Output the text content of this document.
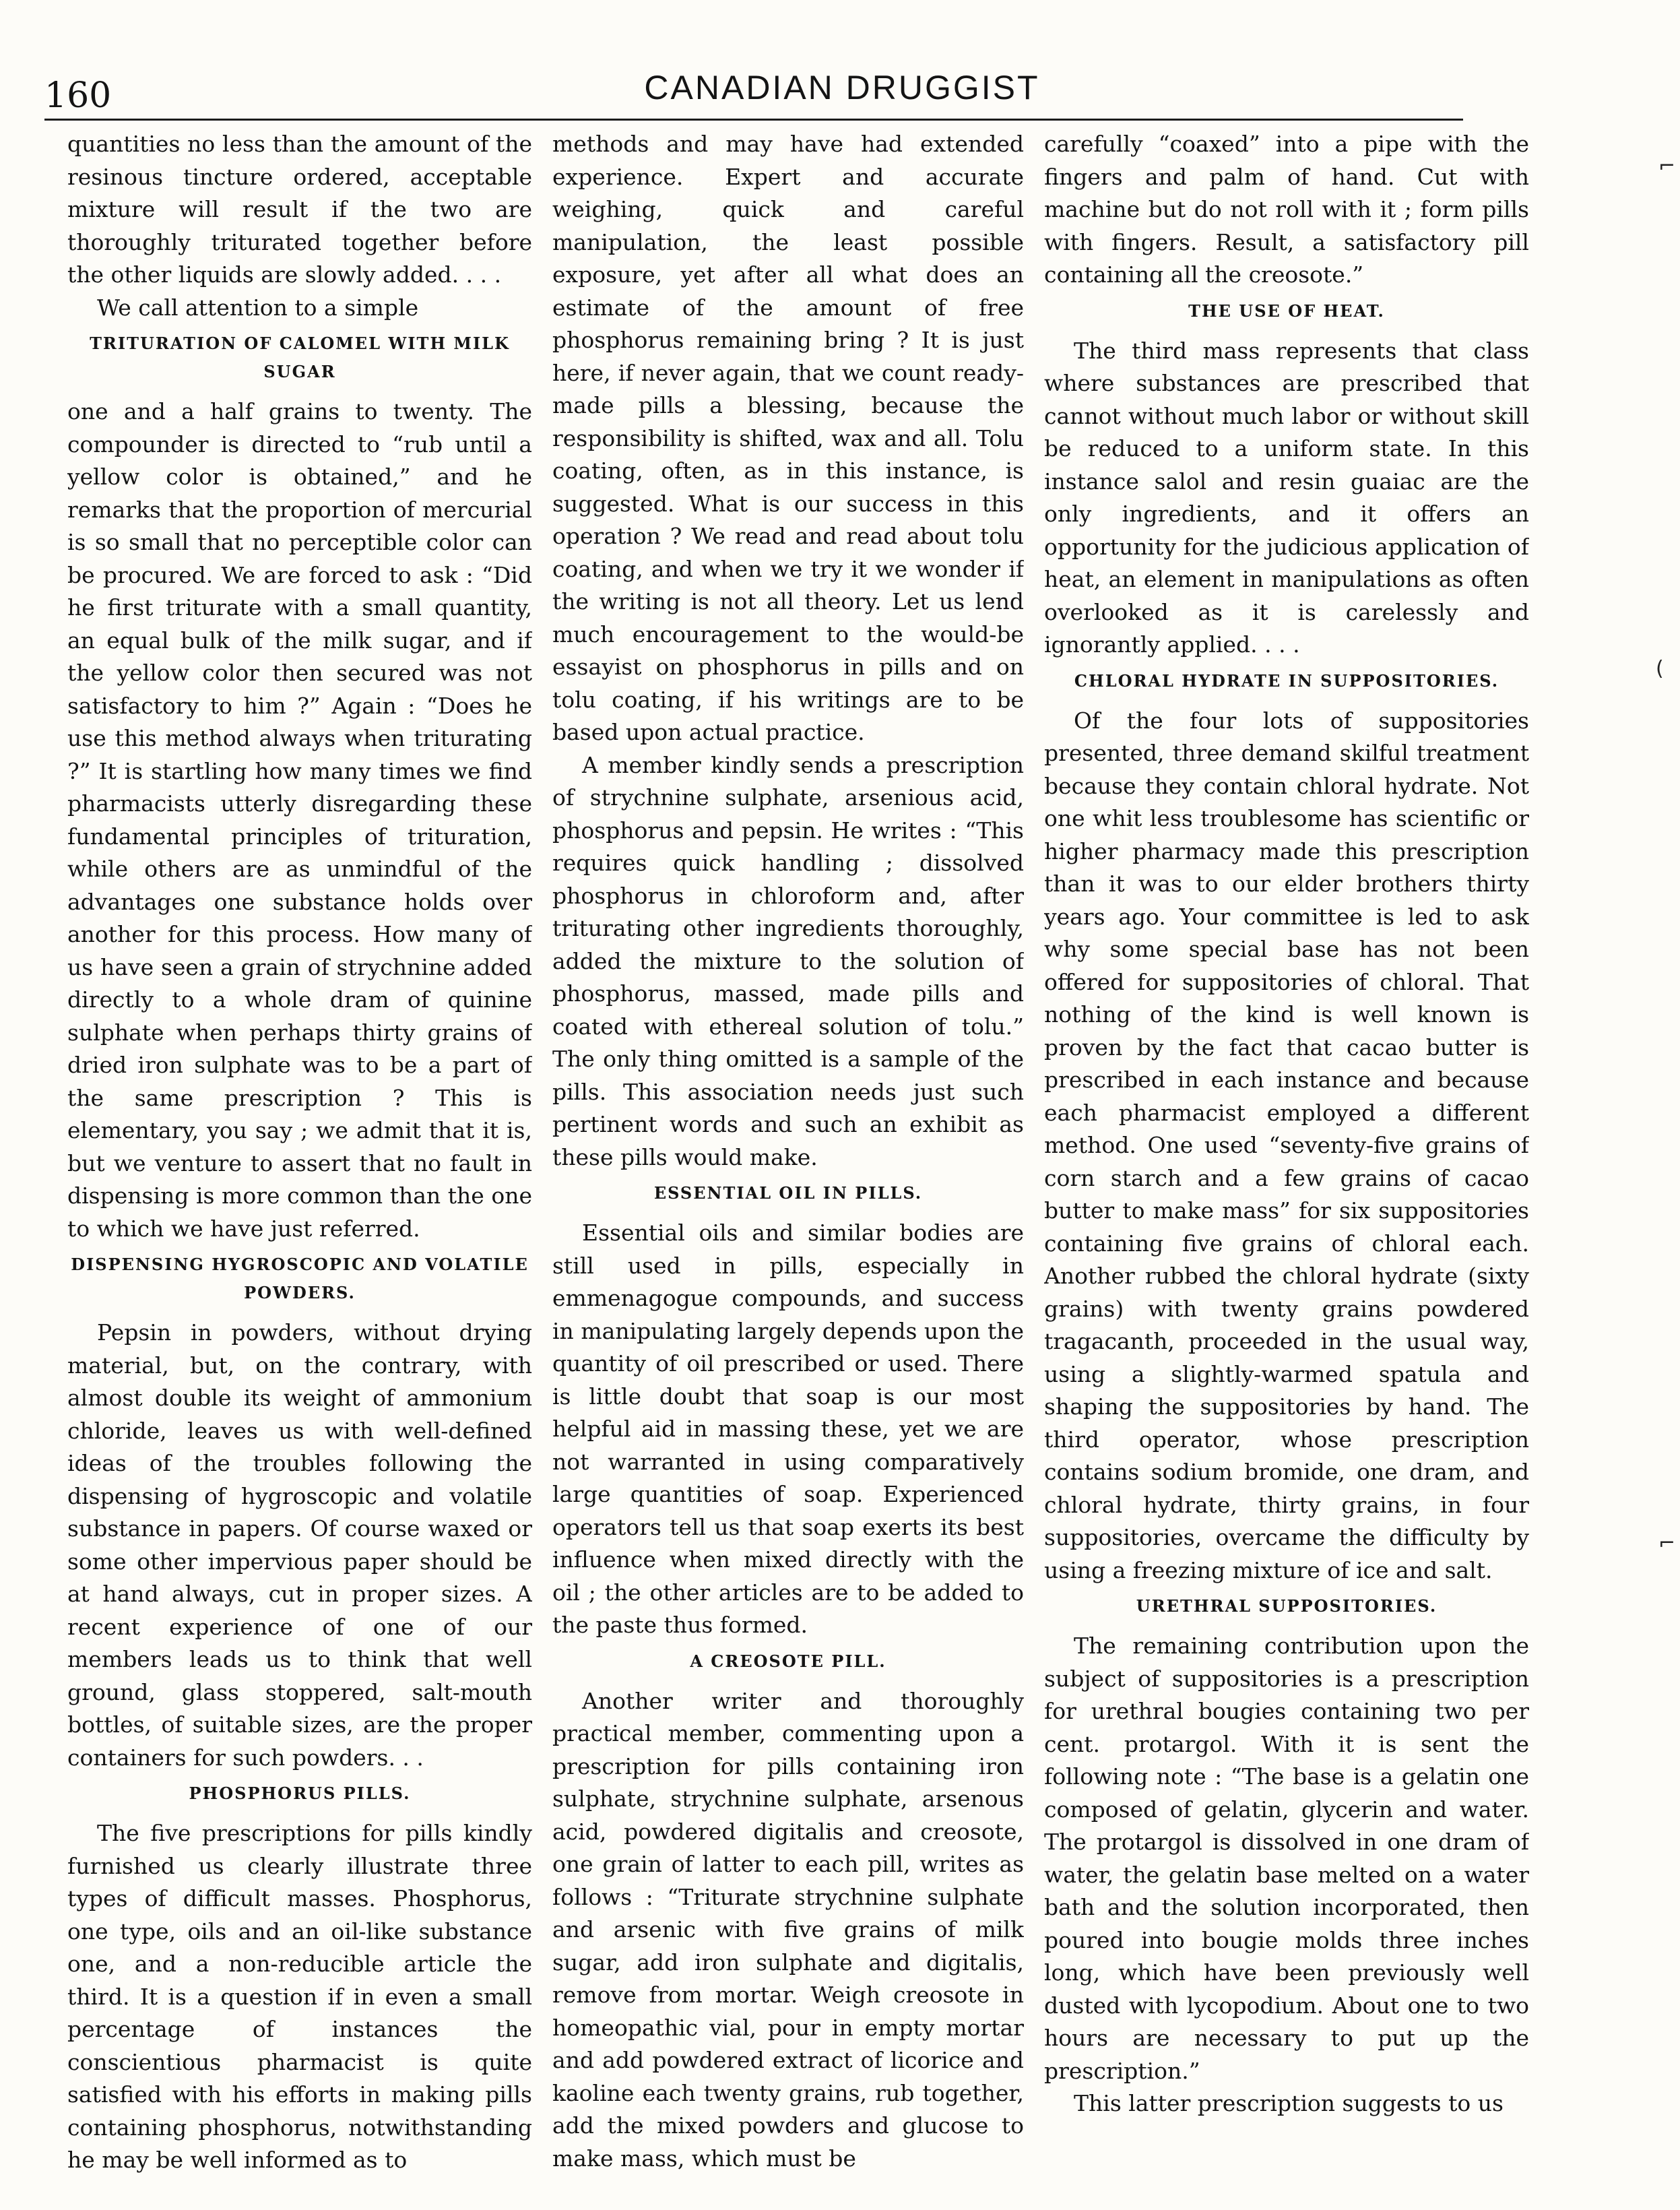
160	CANADIAN DRUGGIST

quantities no less than the amount of the resinous tincture ordered, acceptable mixture will result if the two are thoroughly triturated together before the other liquids are slowly added. . . .

We call attention to a simple

TRITURATION OF CALOMEL WITH MILK SUGAR

one and a half grains to twenty. The compounder is directed to “rub until a yellow color is obtained,” and he remarks that the proportion of mercurial is so small that no perceptible color can be procured. We are forced to ask : “Did he first triturate with a small quantity, an equal bulk of the milk sugar, and if the yellow color then secured was not satisfactory to him ?” Again : “Does he use this method always when triturating ?” It is startling how many times we find pharmacists utterly disregarding these fundamental principles of trituration, while others are as unmindful of the advantages one substance holds over another for this process. How many of us have seen a grain of strychnine added directly to a whole dram of quinine sulphate when perhaps thirty grains of dried iron sulphate was to be a part of the same prescription ? This is elementary, you say ; we admit that it is, but we venture to assert that no fault in dispensing is more common than the one to which we have just referred.

DISPENSING HYGROSCOPIC AND VOLATILE POWDERS.

Pepsin in powders, without drying material, but, on the contrary, with almost double its weight of ammonium chloride, leaves us with well-defined ideas of the troubles following the dispensing of hygroscopic and volatile substance in papers. Of course waxed or some other impervious paper should be at hand always, cut in proper sizes. A recent experience of one of our members leads us to think that well ground, glass stoppered, salt-mouth bottles, of suitable sizes, are the proper containers for such powders. . .

PHOSPHORUS PILLS.

The five prescriptions for pills kindly furnished us clearly illustrate three types of difficult masses. Phosphorus, one type, oils and an oil-like substance one, and a non-reducible article the third. It is a question if in even a small percentage of instances the conscientious pharmacist is quite satisfied with his efforts in making pills containing phosphorus, notwithstanding he may be well informed as to

methods and may have had extended experience. Expert and accurate weighing, quick and careful manipulation, the least possible exposure, yet after all what does an estimate of the amount of free phosphorus remaining bring ? It is just here, if never again, that we count ready-made pills a blessing, because the responsibility is shifted, wax and all. Tolu coating, often, as in this instance, is suggested. What is our success in this operation ? We read and read about tolu coating, and when we try it we wonder if the writing is not all theory. Let us lend much encouragement to the would-be essayist on phosphorus in pills and on tolu coating, if his writings are to be based upon actual practice.

A member kindly sends a prescription of strychnine sulphate, arsenious acid, phosphorus and pepsin. He writes : “This requires quick handling ; dissolved phosphorus in chloroform and, after triturating other ingredients thoroughly, added the mixture to the solution of phosphorus, massed, made pills and coated with ethereal solution of tolu.” The only thing omitted is a sample of the pills. This association needs just such pertinent words and such an exhibit as these pills would make.

ESSENTIAL OIL IN PILLS.

Essential oils and similar bodies are still used in pills, especially in emmenagogue compounds, and success in manipulating largely depends upon the quantity of oil prescribed or used. There is little doubt that soap is our most helpful aid in massing these, yet we are not warranted in using comparatively large quantities of soap. Experienced operators tell us that soap exerts its best influence when mixed directly with the oil ; the other articles are to be added to the paste thus formed.

A CREOSOTE PILL.

Another writer and thoroughly practical member, commenting upon a prescription for pills containing iron sulphate, strychnine sulphate, arsenous acid, powdered digitalis and creosote, one grain of latter to each pill, writes as follows : “Triturate strychnine sulphate and arsenic with five grains of milk sugar, add iron sulphate and digitalis, remove from mortar. Weigh creosote in homeopathic vial, pour in empty mortar and add powdered extract of licorice and kaoline each twenty grains, rub together, add the mixed powders and glucose to make mass, which must be

carefully “coaxed” into a pipe with the fingers and palm of hand. Cut with machine but do not roll with it ; form pills with fingers. Result, a satisfactory pill containing all the creosote.”

THE USE OF HEAT.

The third mass represents that class where substances are prescribed that cannot without much labor or without skill be reduced to a uniform state. In this instance salol and resin guaiac are the only ingredients, and it offers an opportunity for the judicious application of heat, an element in manipulations as often overlooked as it is carelessly and ignorantly applied. . . .

CHLORAL HYDRATE IN SUPPOSITORIES.

Of the four lots of suppositories presented, three demand skilful treatment because they contain chloral hydrate. Not one whit less troublesome has scientific or higher pharmacy made this prescription than it was to our elder brothers thirty years ago. Your committee is led to ask why some special base has not been offered for suppositories of chloral. That nothing of the kind is well known is proven by the fact that cacao butter is prescribed in each instance and because each pharmacist employed a different method. One used “seventy-five grains of corn starch and a few grains of cacao butter to make mass” for six suppositories containing five grains of chloral each. Another rubbed the chloral hydrate (sixty grains) with twenty grains powdered tragacanth, proceeded in the usual way, using a slightly-warmed spatula and shaping the suppositories by hand. The third operator, whose prescription contains sodium bromide, one dram, and chloral hydrate, thirty grains, in four suppositories, overcame the difficulty by using a freezing mixture of ice and salt.

URETHRAL SUPPOSITORIES.

The remaining contribution upon the subject of suppositories is a prescription for urethral bougies containing two per cent. protargol. With it is sent the following note : “The base is a gelatin one composed of gelatin, glycerin and water. The protargol is dissolved in one dram of water, the gelatin base melted on a water bath and the solution incorporated, then poured into bougie molds three inches long, which have been previously well dusted with lycopodium. About one to two hours are necessary to put up the prescription.”

This latter prescription suggests to us

⌐
(
⌐
